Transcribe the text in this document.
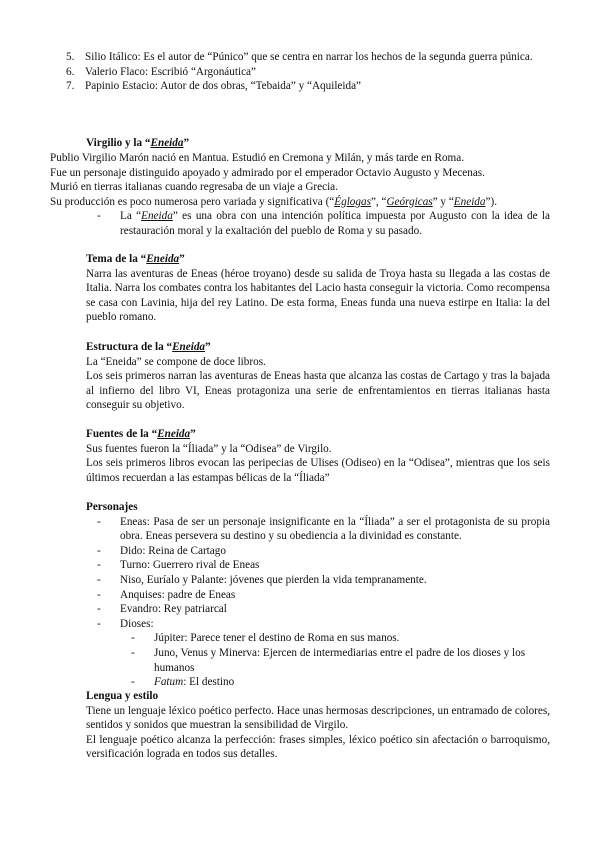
5. Silio Itálico: Es el autor de “Púnico” que se centra en narrar los hechos de la segunda guerra púnica.
6. Valerio Flaco: Escribió “Argonáutica”
7. Papinio Estacio: Autor de dos obras, “Tebaida” y “Aquileida”
Virgilio y la “Eneida”
Publio Virgilio Marón nació en Mantua. Estudió en Cremona y Milán, y más tarde en Roma.
Fue un personaje distinguido apoyado y admirado por el emperador Octavio Augusto y Mecenas.
Murió en tierras italianas cuando regresaba de un viaje a Grecia.
Su producción es poco numerosa pero variada y significativa (“Églogas”, “Geórgicas” y “Eneida”).
- La “Eneida” es una obra con una intención política impuesta por Augusto con la idea de la restauración moral y la exaltación del pueblo de Roma y su pasado.
Tema de la “Eneida”
Narra las aventuras de Eneas (héroe troyano) desde su salida de Troya hasta su llegada a las costas de Italia. Narra los combates contra los habitantes del Lacio hasta conseguir la victoria. Como recompensa se casa con Lavinia, hija del rey Latino. De esta forma, Eneas funda una nueva estirpe en Italia: la del pueblo romano.
Estructura de la “Eneida”
La “Eneida” se compone de doce libros.
Los seis primeros narran las aventuras de Eneas hasta que alcanza las costas de Cartago y tras la bajada al infierno del libro VI, Eneas protagoniza una serie de enfrentamientos en tierras italianas hasta conseguir su objetivo.
Fuentes de la “Eneida”
Sus fuentes fueron la “Íliada” y la “Odisea” de Virgilo.
Los seis primeros libros evocan las peripecias de Ulises (Odiseo) en la “Odisea”, mientras que los seis últimos recuerdan a las estampas bélicas de la “Íliada”
Personajes
- Eneas: Pasa de ser un personaje insignificante en la “Íliada” a ser el protagonista de su propia obra. Eneas persevera su destino y su obediencia a la divinidad es constante.
- Dido: Reina de Cartago
- Turno: Guerrero rival de Eneas
- Niso, Euríalo y Palante: jóvenes que pierden la vida tempranamente.
- Anquises: padre de Eneas
- Evandro: Rey patriarcal
- Dioses:
- Júpiter: Parece tener el destino de Roma en sus manos.
- Juno, Venus y Minerva: Ejercen de intermediarias entre el padre de los dioses y los humanos
- Fatum: El destino
Lengua y estilo
Tiene un lenguaje léxico poético perfecto. Hace unas hermosas descripciones, un entramado de colores, sentidos y sonidos que muestran la sensibilidad de Virgilo.
El lenguaje poético alcanza la perfección: frases simples, léxico poético sin afectación o barroquismo, versificación lograda en todos sus detalles.
